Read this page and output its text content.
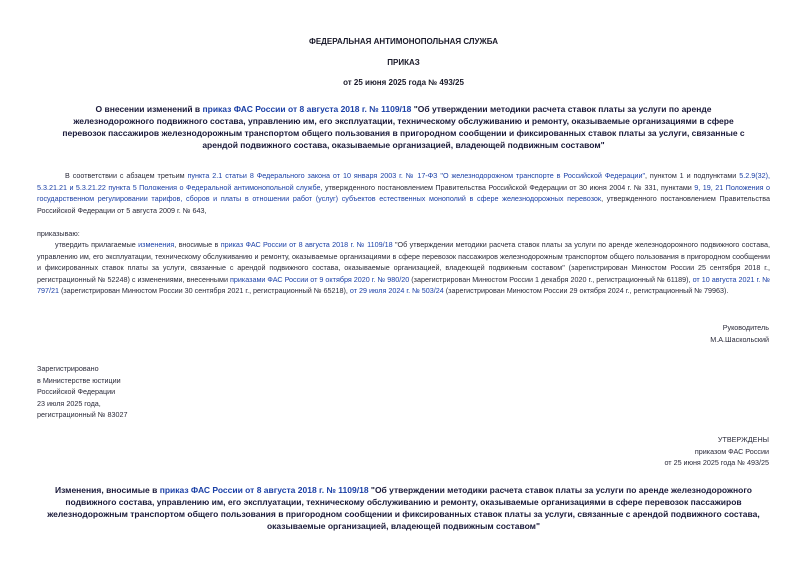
ФЕДЕРАЛЬНАЯ АНТИМОНОПОЛЬНАЯ СЛУЖБА
ПРИКАЗ
от 25 июня 2025 года № 493/25
О внесении изменений в приказ ФАС России от 8 августа 2018 г. № 1109/18 "Об утверждении методики расчета ставок платы за услуги по аренде железнодорожного подвижного состава, управлению им, его эксплуатации, техническому обслуживанию и ремонту, оказываемые организациями в сфере перевозок пассажиров железнодорожным транспортом общего пользования в пригородном сообщении и фиксированных ставок платы за услуги, связанные с арендой подвижного состава, оказываемые организацией, владеющей подвижным составом"
В соответствии с абзацем третьим пункта 2.1 статьи 8 Федерального закона от 10 января 2003 г. № 17-ФЗ "О железнодорожном транспорте в Российской Федерации", пунктом 1 и подпунктами 5.2.9(32), 5.3.21.21 и 5.3.21.22 пункта 5 Положения о Федеральной антимонопольной службе, утвержденного постановлением Правительства Российской Федерации от 30 июня 2004 г. № 331, пунктами 9, 19, 21 Положения о государственном регулировании тарифов, сборов и платы в отношении работ (услуг) субъектов естественных монополий в сфере железнодорожных перевозок, утвержденного постановлением Правительства Российской Федерации от 5 августа 2009 г. № 643,
приказываю:
утвердить прилагаемые изменения, вносимые в приказ ФАС России от 8 августа 2018 г. № 1109/18 "Об утверждении методики расчета ставок платы за услуги по аренде железнодорожного подвижного состава, управлению им, его эксплуатации, техническому обслуживанию и ремонту, оказываемые организациями в сфере перевозок пассажиров железнодорожным транспортом общего пользования в пригородном сообщении и фиксированных ставок платы за услуги, связанные с арендой подвижного состава, оказываемые организацией, владеющей подвижным составом" (зарегистрирован Минюстом России 25 сентября 2018 г., регистрационный № 52248) с изменениями, внесенными приказами ФАС России от 9 октября 2020 г. № 980/20 (зарегистрирован Минюстом России 1 декабря 2020 г., регистрационный № 61189), от 10 августа 2021 г. № 797/21 (зарегистрирован Минюстом России 30 сентября 2021 г., регистрационный № 65218), от 29 июля 2024 г. № 503/24 (зарегистрирован Минюстом России 29 октября 2024 г., регистрационный № 79963).
Руководитель
М.А.Шаскольский
Зарегистрировано
в Министерстве юстиции
Российской Федерации
23 июля 2025 года,
регистрационный № 83027
УТВЕРЖДЕНЫ
приказом ФАС России
от 25 июня 2025 года № 493/25
Изменения, вносимые в приказ ФАС России от 8 августа 2018 г. № 1109/18 "Об утверждении методики расчета ставок платы за услуги по аренде железнодорожного подвижного состава, управлению им, его эксплуатации, техническому обслуживанию и ремонту, оказываемые организациями в сфере перевозок пассажиров железнодорожным транспортом общего пользования в пригородном сообщении и фиксированных ставок платы за услуги, связанные с арендой подвижного состава, оказываемые организацией, владеющей подвижным составом"
